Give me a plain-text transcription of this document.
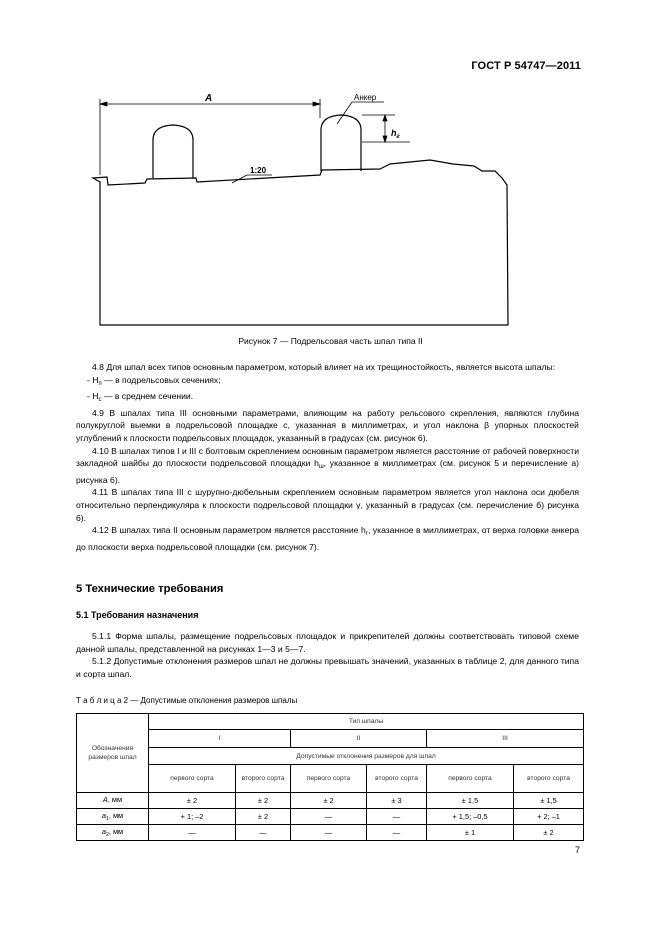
ГОСТ Р 54747—2011
A	Анкер
$h_г$
1:20
Рисунок 7 — Подрельсовая часть шпал типа II

4.8 Для шпал всех типов основным параметром, который влияет на их трещиностойкость, является высота шпалы:

- $H_п$ — в подрельсовых сечениях;

- $H_c$ — в среднем сечении.

4.9 В шпалах типа III основными параметрами, влияющим на работу рельсового скрепления, являются глубина полукруглой выемки в подрельсовой площадке c, указанная в миллиметрах, и угол наклона β упорных плоскостей углублений к плоскости подрельсовых площадок, указанный в градусах (см. рисунок 6).

4.10 В шпалах типов I и III с болтовым скреплением основным параметром является расстояние от рабочей поверхности закладной шайбы до плоскости подрельсовой площадки $h_ш$, указанное в миллиметрах (см. рисунок 5 и перечисление а) рисунка 6).

4.11 В шпалах типа III с шурупно-дюбельным скреплением основным параметром является угол наклона оси дюбеля относительно перпендикуляра к плоскости подрельсовой площадки γ, указанный в градусах (см. перечисление б) рисунка 6).

4.12 В шпалах типа II основным параметром является расстояние $h_г$, указанное в миллиметрах, от верха головки анкера до плоскости верха подрельсовой площадки (см. рисунок 7).

5 Технические требования
5.1 Требования назначения

5.1.1 Форма шпалы, размещение подрельсовых площадок и прикрепителей должны соответствовать типовой схеме данной шпалы, представленной на рисунках 1—3 и 5—7.

5.1.2 Допустимые отклонения размеров шпал не должны превышать значений, указанных в таблице 2, для данного типа и сорта шпал.

Т а б л и ц а 2 — Допустимые отклонения размеров шпалы
Обозначения размеров шпал	Тип шпалы					
	I		II		III	
	Допустимые отклонения размеров для шпал					
	первого сорта	второго сорта	первого сорта	второго сорта	первого сорта	второго сорта
A, мм	± 2	± 2	± 2	± 3	± 1,5	± 1,5
$a_1$, мм	+ 1; –2	± 2	—	—	+ 1,5; –0,5	+ 2; –1
$a_2$, мм	—	—	—	—	± 1	± 2
7
